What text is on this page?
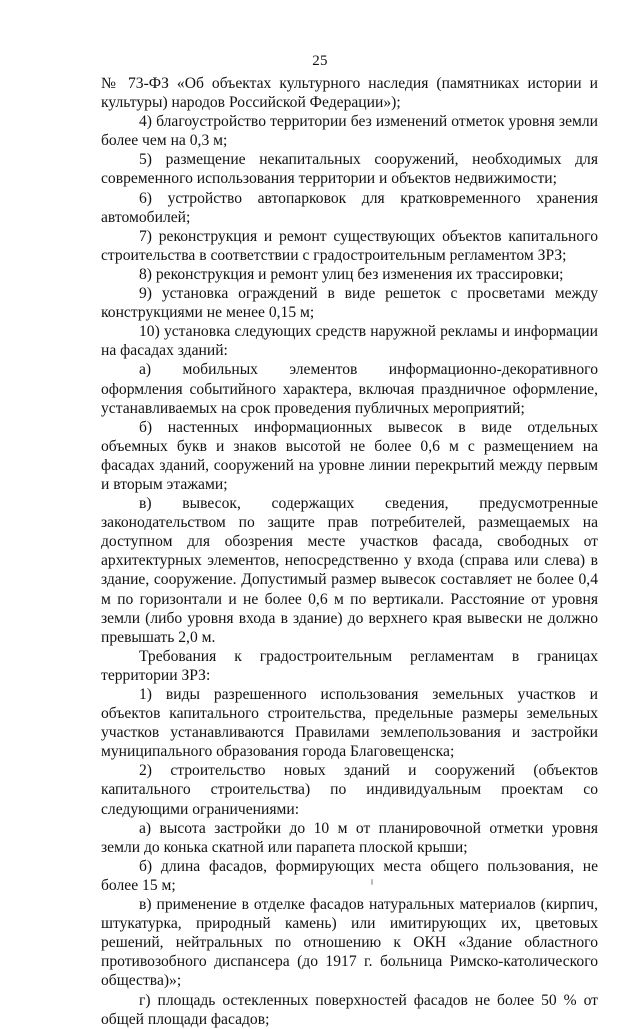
25

№ 73-ФЗ «Об объектах культурного наследия (памятниках истории и культуры) народов Российской Федерации»);

4) благоустройство территории без изменений отметок уровня земли более чем на 0,3 м;

5) размещение некапитальных сооружений, необходимых для современного использования территории и объектов недвижимости;

6) устройство автопарковок для кратковременного хранения автомобилей;

7) реконструкция и ремонт существующих объектов капитального строительства в соответствии с градостроительным регламентом ЗРЗ;

8) реконструкция и ремонт улиц без изменения их трассировки;

9) установка ограждений в виде решеток с просветами между конструкциями не менее 0,15 м;

10) установка следующих средств наружной рекламы и информации на фасадах зданий:

а) мобильных элементов информационно-декоративного оформления событийного характера, включая праздничное оформление, устанавливаемых на срок проведения публичных мероприятий;

б) настенных информационных вывесок в виде отдельных объемных букв и знаков высотой не более 0,6 м с размещением на фасадах зданий, сооружений на уровне линии перекрытий между первым и вторым этажами;

в) вывесок, содержащих сведения, предусмотренные законодательством по защите прав потребителей, размещаемых на доступном для обозрения месте участков фасада, свободных от архитектурных элементов, непосредственно у входа (справа или слева) в здание, сооружение. Допустимый размер вывесок составляет не более 0,4 м по горизонтали и не более 0,6 м по вертикали. Расстояние от уровня земли (либо уровня входа в здание) до верхнего края вывески не должно превышать 2,0 м.

Требования к градостроительным регламентам в границах территории ЗРЗ:

1) виды разрешенного использования земельных участков и объектов капитального строительства, предельные размеры земельных участков устанавливаются Правилами землепользования и застройки муниципального образования города Благовещенска;

2) строительство новых зданий и сооружений (объектов капитального строительства) по индивидуальным проектам со следующими ограничениями:

а) высота застройки до 10 м от планировочной отметки уровня земли до конька скатной или парапета плоской крыши;

б) длина фасадов, формирующих места общего пользования, не более 15 м;

в) применение в отделке фасадов натуральных материалов (кирпич, штукатурка, природный камень) или имитирующих их, цветовых решений, нейтральных по отношению к ОКН «Здание областного противозобного диспансера (до 1917 г. больница Римско-католического общества)»;

г) площадь остекленных поверхностей фасадов не более 50 % от общей площади фасадов;
